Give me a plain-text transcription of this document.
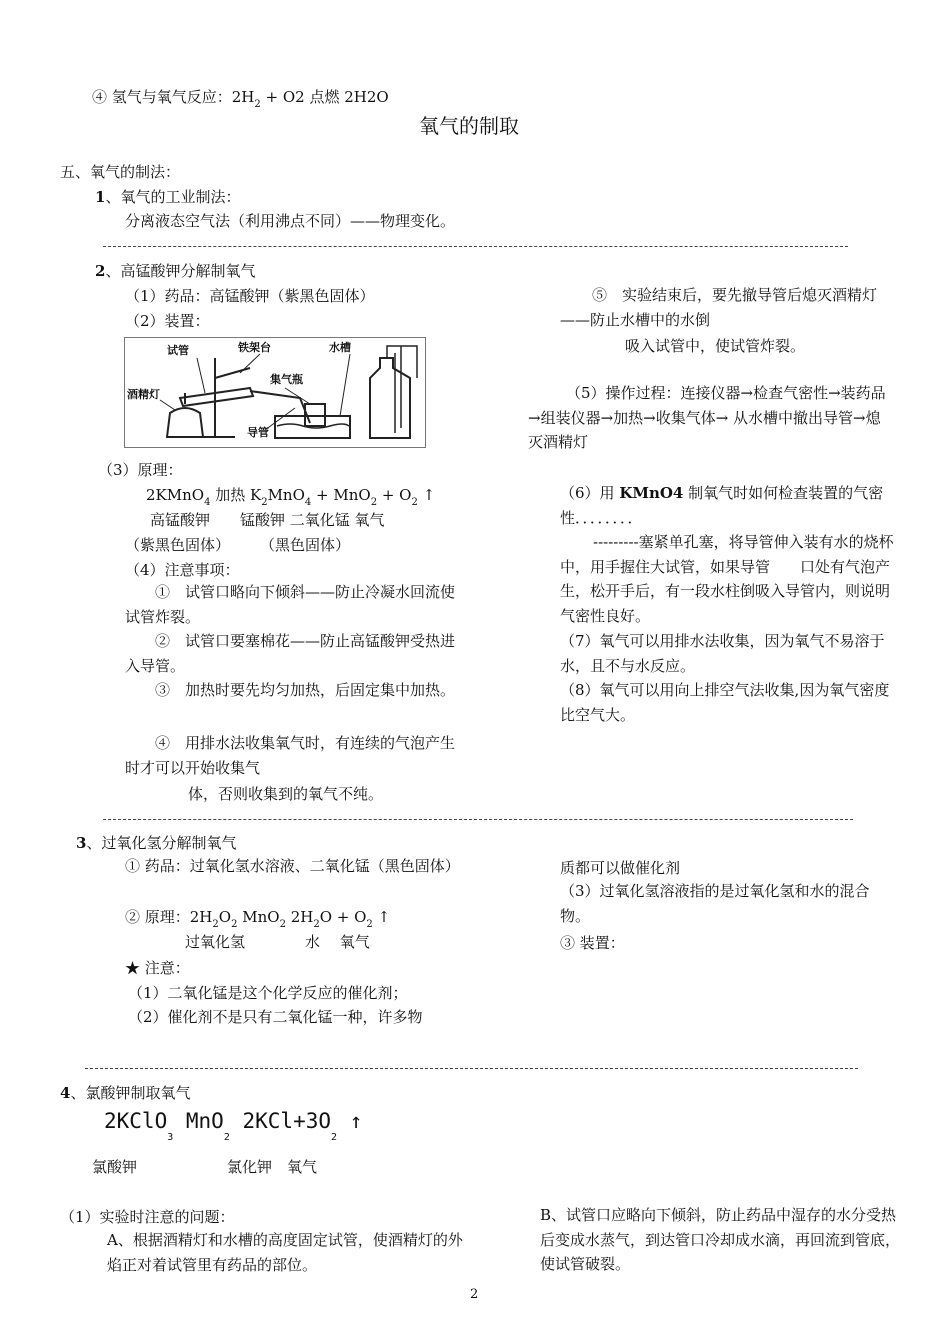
④ 氢气与氧气反应：$2H_2 + O2$ 点燃 2H2O
氧气的制取
五、氧气的制法：
1、氧气的工业制法：
分离液态空气法（利用沸点不同）——物理变化。
2、高锰酸钾分解制氧气
（1）药品：高锰酸钾（紫黑色固体）
（2）装置：
试管	铁架台	水槽
酒精灯
集气瓶
导管
（3）原理：
2KMnO$_4$ 加热 $K_2MnO_4 + MnO_2 + O_2$ ↑
高锰酸钾　　锰酸钾 二氧化锰 氧气
（紫黑色固体）　　　（黑色固体）
（4）注意事项：
①　试管口略向下倾斜——防止冷凝水回流使试管炸裂。
②　试管口要塞棉花——防止高锰酸钾受热进入导管。
③　加热时要先均匀加热，后固定集中加热。
④　用排水法收集氧气时，有连续的气泡产生时才可以开始收集气
体，否则收集到的氧气不纯。
⑤　实验结束后，要先撤导管后熄灭酒精灯——防止水槽中的水倒
吸入试管中，使试管炸裂。
（5）操作过程：连接仪器→检查气密性→装药品→组装仪器→加热→收集气体→ 从水槽中撤出导管→熄灭酒精灯
（6）用 KMnO4 制氧气时如何检查装置的气密性．．．．．．．．
---------塞紧单孔塞，将导管伸入装有水的烧杯中，用手握住大试管，如果导管　　口处有气泡产生，松开手后，有一段水柱倒吸入导管内，则说明气密性良好。
（7）氧气可以用排水法收集，因为氧气不易溶于水，且不与水反应。
（8）氧气可以用向上排空气法收集,因为氧气密度比空气大。
3、过氧化氢分解制氧气
① 药品：过氧化氢水溶液、二氧化锰（黑色固体）
② 原理：$2H_2O_2$ MnO$_2$ $2H_2O + O_2$ ↑
过氧化氢　　　　水　 氧气
★ 注意：
（1）二氧化锰是这个化学反应的催化剂；
（2）催化剂不是只有二氧化锰一种，许多物
质都可以做催化剂
（3）过氧化氢溶液指的是过氧化氢和水的混合物。
③ 装置：
4、氯酸钾制取氧气
2KClO$_3$ MnO$_2$ $2KCl+3O_2$ ↑
氯酸钾　　　　　　氯化钾　氧气
（1）实验时注意的问题：
A、根据酒精灯和水槽的高度固定试管，使酒精灯的外焰正对着试管里有药品的部位。
B、试管口应略向下倾斜，防止药品中湿存的水分受热后变成水蒸气，到达管口冷却成水滴，再回流到管底，　 使试管破裂。
2
